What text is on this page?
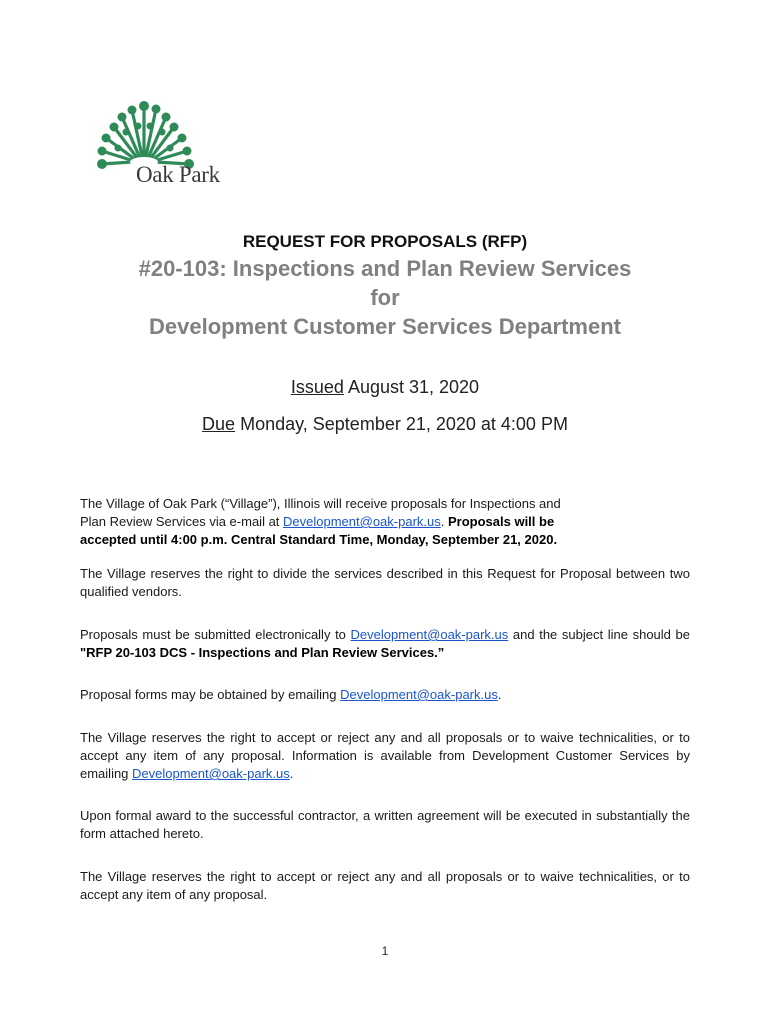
Oak Park
REQUEST FOR PROPOSALS (RFP)
#20-103: Inspections and Plan Review Services
for
Development Customer Services Department
Issued August 31, 2020
Due Monday, September 21, 2020 at 4:00 PM
The Village of Oak Park (“Village”), Illinois will receive proposals for Inspections and
Plan Review Services via e-mail at Development@oak-park.us. Proposals will be
accepted until 4:00 p.m. Central Standard Time, Monday, September 21, 2020.
The Village reserves the right to divide the services described in this Request for Proposal between two qualified vendors.
Proposals must be submitted electronically to Development@oak-park.us and the subject line should be "RFP 20-103 DCS - Inspections and Plan Review Services.”
Proposal forms may be obtained by emailing Development@oak-park.us.
The Village reserves the right to accept or reject any and all proposals or to waive technicalities, or to accept any item of any proposal. Information is available from Development Customer Services by emailing Development@oak-park.us.
Upon formal award to the successful contractor, a written agreement will be executed in substantially the form attached hereto.
The Village reserves the right to accept or reject any and all proposals or to waive technicalities, or to accept any item of any proposal.
1
